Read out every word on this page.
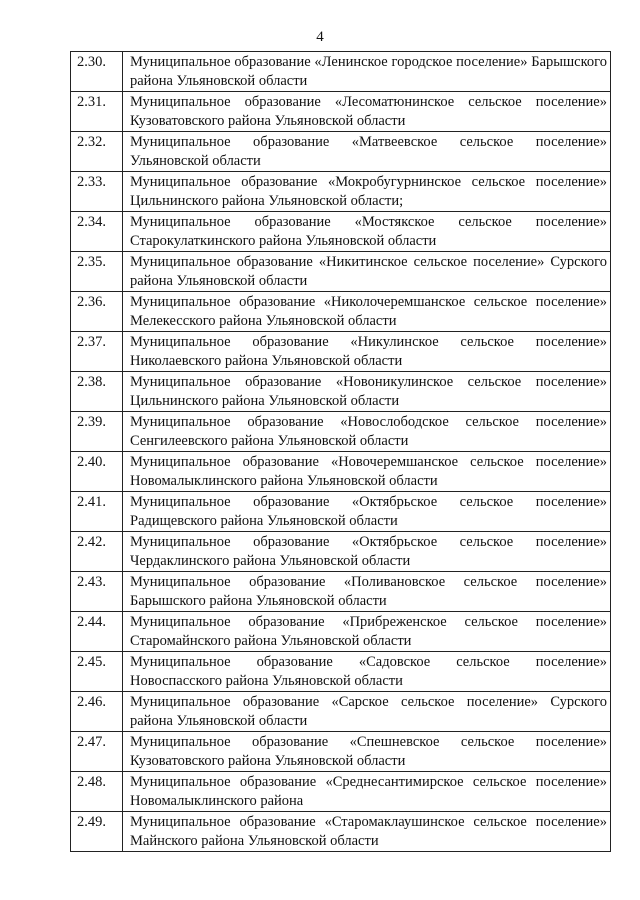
4
2.30.	Муниципальное образование «Ленинское городское поселение» Барышского района Ульяновской области
2.31.	Муниципальное образование «Лесоматюнинское сельское поселение» Кузоватовского района Ульяновской области
2.32.	Муниципальное образование «Матвеевское сельское поселение» Ульяновской области
2.33.	Муниципальное образование «Мокробугурнинское сельское поселение» Цильнинского района Ульяновской области;
2.34.	Муниципальное образование «Мостякское сельское поселение» Старокулаткинского района Ульяновской области
2.35.	Муниципальное образование «Никитинское сельское поселение» Сурского района Ульяновской области
2.36.	Муниципальное образование «Николочеремшанское сельское поселение» Мелекесского района Ульяновской области
2.37.	Муниципальное образование «Никулинское сельское поселение» Николаевского района Ульяновской области
2.38.	Муниципальное образование «Новоникулинское сельское поселение» Цильнинского района Ульяновской области
2.39.	Муниципальное образование «Новослободское сельское поселение» Сенгилеевского района Ульяновской области
2.40.	Муниципальное образование «Новочеремшанское сельское поселение» Новомалыклинского района Ульяновской области
2.41.	Муниципальное образование «Октябрьское сельское поселение» Радищевского района Ульяновской области
2.42.	Муниципальное образование «Октябрьское сельское поселение» Чердаклинского района Ульяновской области
2.43.	Муниципальное образование «Поливановское сельское поселение» Барышского района Ульяновской области
2.44.	Муниципальное образование «Прибреженское сельское поселение» Старомайнского района Ульяновской области
2.45.	Муниципальное образование «Садовское сельское поселение» Новоспасского района Ульяновской области
2.46.	Муниципальное образование «Сарское сельское поселение» Сурского района Ульяновской области
2.47.	Муниципальное образование «Спешневское сельское поселение» Кузоватовского района Ульяновской области
2.48.	Муниципальное образование «Среднесантимирское сельское поселение» Новомалыклинского района
2.49.	Муниципальное образование «Старомаклаушинское сельское поселение» Майнского района Ульяновской области
